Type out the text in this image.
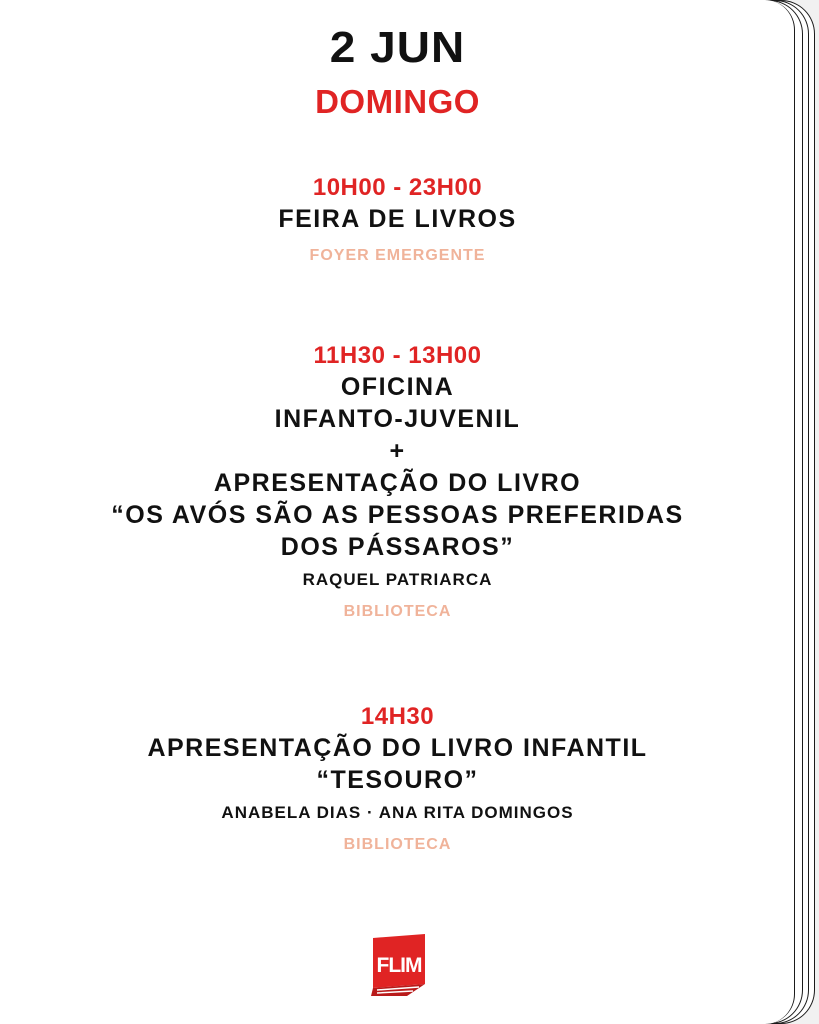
2 JUN
DOMINGO
10H00 - 23H00
FEIRA DE LIVROS
FOYER EMERGENTE
11H30 - 13H00
OFICINA
INFANTO-JUVENIL
+
APRESENTAÇÃO DO LIVRO
“OS AVÓS SÃO AS PESSOAS PREFERIDAS
DOS PÁSSAROS”
RAQUEL PATRIARCA
BIBLIOTECA
14H30
APRESENTAÇÃO DO LIVRO INFANTIL
“TESOURO”
ANABELA DIAS · ANA RITA DOMINGOS
BIBLIOTECA
FLIM
